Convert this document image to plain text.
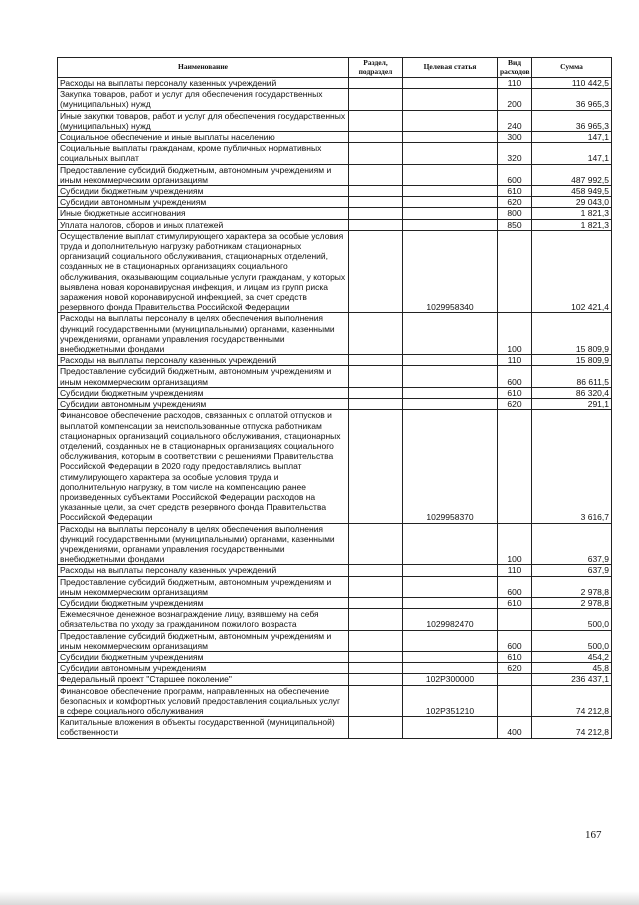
Наименование	Раздел, подраздел	Целевая статья	Вид расходов	Сумма
Расходы на выплаты персоналу казенных учреждений			110	110 442,5
Закупка товаров, работ и услуг для обеспечения государственных (муниципальных) нужд			200	36 965,3
Иные закупки товаров, работ и услуг для обеспечения государственных (муниципальных) нужд			240	36 965,3
Социальное обеспечение и иные выплаты населению			300	147,1
Социальные выплаты гражданам, кроме публичных нормативных социальных выплат			320	147,1
Предоставление субсидий бюджетным, автономным учреждениям и иным некоммерческим организациям			600	487 992,5
Субсидии бюджетным учреждениям			610	458 949,5
Субсидии автономным учреждениям			620	29 043,0
Иные бюджетные ассигнования			800	1 821,3
Уплата налогов, сборов и иных платежей			850	1 821,3
Осуществление выплат стимулирующего характера за особые условия труда и дополнительную нагрузку работникам стационарных организаций социального обслуживания, стационарных отделений, созданных не в стационарных организациях социального обслуживания, оказывающим социальные услуги гражданам, у которых выявлена новая коронавирусная инфекция, и лицам из групп риска заражения новой коронавирусной инфекцией, за счет средств резервного фонда Правительства Российской Федерации		1029958340		102 421,4
Расходы на выплаты персоналу в целях обеспечения выполнения функций государственными (муниципальными) органами, казенными учреждениями, органами управления государственными внебюджетными фондами			100	15 809,9
Расходы на выплаты персоналу казенных учреждений			110	15 809,9
Предоставление субсидий бюджетным, автономным учреждениям и иным некоммерческим организациям			600	86 611,5
Субсидии бюджетным учреждениям			610	86 320,4
Субсидии автономным учреждениям			620	291,1
Финансовое обеспечение расходов, связанных с оплатой отпусков и выплатой компенсации за неиспользованные отпуска работникам стационарных организаций социального обслуживания, стационарных отделений, созданных не в стационарных организациях социального обслуживания, которым в соответствии с решениями Правительства Российской Федерации в 2020 году предоставлялись выплат стимулирующего характера за особые условия труда и дополнительную нагрузку, в том числе на компенсацию ранее произведенных субъектами Российской Федерации расходов на указанные цели, за счет средств резервного фонда Правительства Российской Федерации		1029958370		3 616,7
Расходы на выплаты персоналу в целях обеспечения выполнения функций государственными (муниципальными) органами, казенными учреждениями, органами управления государственными внебюджетными фондами			100	637,9
Расходы на выплаты персоналу казенных учреждений			110	637,9
Предоставление субсидий бюджетным, автономным учреждениям и иным некоммерческим организациям			600	2 978,8
Субсидии бюджетным учреждениям			610	2 978,8
Ежемесячное денежное вознаграждение лицу, взявшему на себя обязательства по уходу за гражданином пожилого возраста		1029982470		500,0
Предоставление субсидий бюджетным, автономным учреждениям и иным некоммерческим организациям			600	500,0
Субсидии бюджетным учреждениям			610	454,2
Субсидии автономным учреждениям			620	45,8
Федеральный проект "Старшее поколение"		102P300000		236 437,1
Финансовое обеспечение программ, направленных на обеспечение безопасных и комфортных условий предоставления социальных услуг в сфере социального обслуживания		102P351210		74 212,8
Капитальные вложения в объекты государственной (муниципальной) собственности			400	74 212,8
167
